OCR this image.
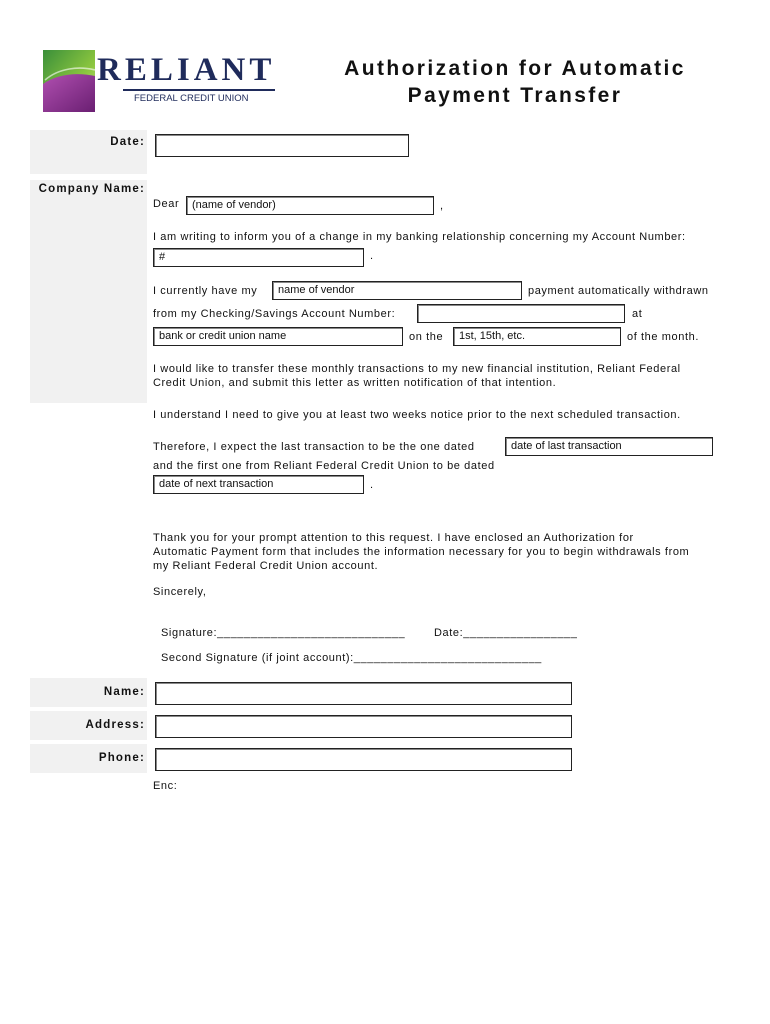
RELIANT
FEDERAL CREDIT UNION
Authorization for Automatic
Payment Transfer
Date:
Company Name:
Name:
Address:
Phone:
Dear	(name of vendor)	,
I am writing to inform you of a change in my banking relationship concerning my Account Number:
#	.
I currently have my	name of vendor	payment automatically withdrawn
from my Checking/Savings Account Number:	at
bank or credit union name	on the	1st, 15th, etc.	of the month.
I would like to transfer these monthly transactions to my new financial institution, Reliant Federal
Credit Union, and submit this letter as written notification of that intention.
I understand I need to give you at least two weeks notice prior to the next scheduled transaction.
Therefore, I expect the last transaction to be the one dated	date of last transaction
and the first one from Reliant Federal Credit Union to be dated
date of next transaction	.
Thank you for your prompt attention to this request. I have enclosed an Authorization for
Automatic Payment form that includes the information necessary for you to begin withdrawals from
my Reliant Federal Credit Union account.
Sincerely,
Signature:____________________________	Date:_________________
Second Signature (if joint account):____________________________
Enc:
